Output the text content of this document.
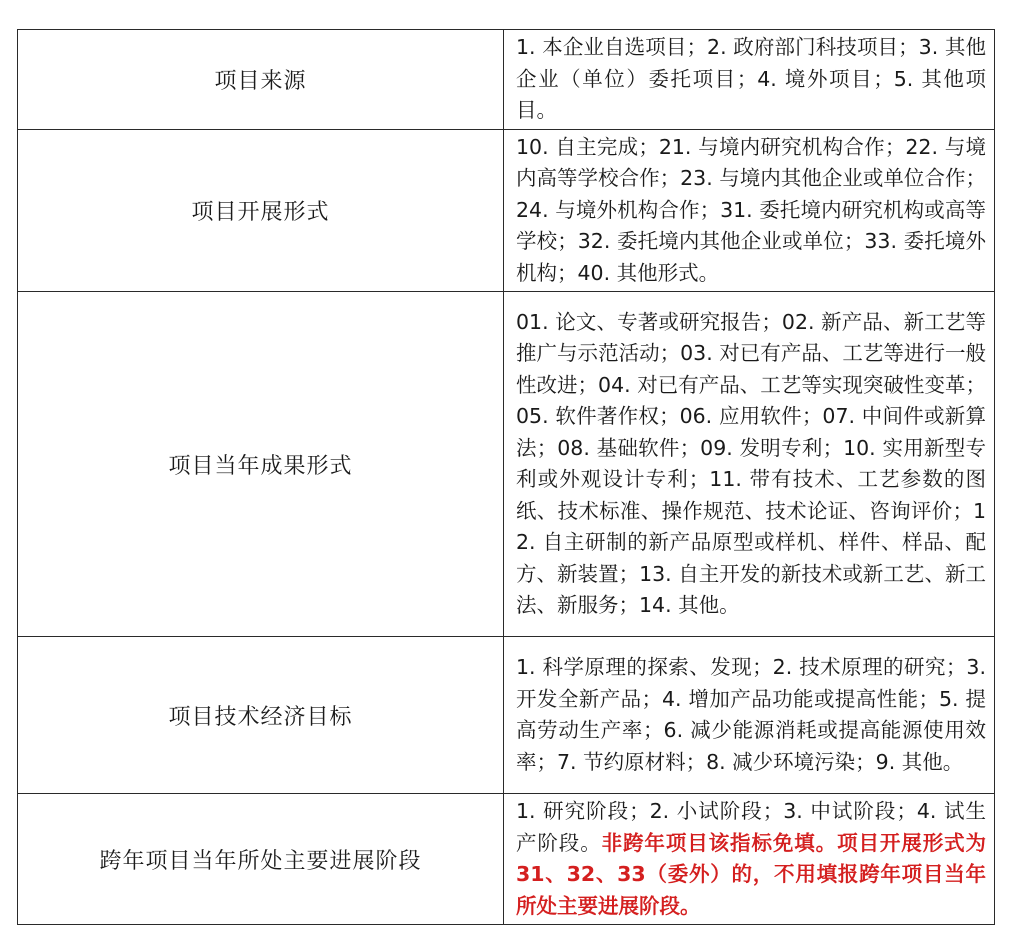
项目来源	1. 本企业自选项目；2. 政府部门科技项目；3. 其他企业（单位）委托项目；4. 境外项目；5. 其他项目。
项目开展形式	10. 自主完成；21. 与境内研究机构合作；22. 与境内高等学校合作；23. 与境内其他企业或单位合作；24. 与境外机构合作；31. 委托境内研究机构或高等学校；32. 委托境内其他企业或单位；33. 委托境外机构；40. 其他形式。
项目当年成果形式	01. 论文、专著或研究报告；02. 新产品、新工艺等推广与示范活动；03. 对已有产品、工艺等进行一般性改进；04. 对已有产品、工艺等实现突破性变革；05. 软件著作权；06. 应用软件；07. 中间件或新算法；08. 基础软件；09. 发明专利；10. 实用新型专利或外观设计专利；11. 带有技术、工艺参数的图纸、技术标准、操作规范、技术论证、咨询评价；12. 自主研制的新产品原型或样机、样件、样品、配方、新装置；13. 自主开发的新技术或新工艺、新工法、新服务；14. 其他。
项目技术经济目标	1. 科学原理的探索、发现；2. 技术原理的研究；3. 开发全新产品；4. 增加产品功能或提高性能；5. 提高劳动生产率；6. 减少能源消耗或提高能源使用效率；7. 节约原材料；8. 减少环境污染；9. 其他。
跨年项目当年所处主要进展阶段	1. 研究阶段；2. 小试阶段；3. 中试阶段；4. 试生产阶段。非跨年项目该指标免填。项目开展形式为 31、32、33（委外）的，不用填报跨年项目当年所处主要进展阶段。
